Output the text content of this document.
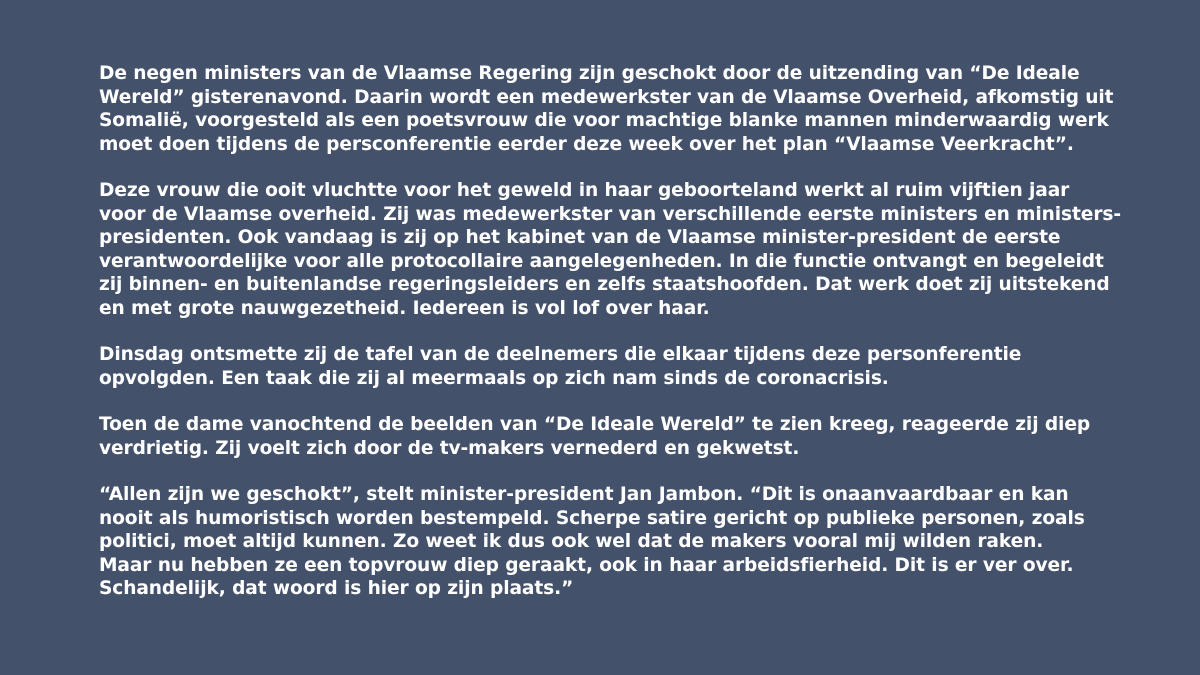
De negen ministers van de Vlaamse Regering zijn geschokt door de uitzending van “De Ideale
Wereld” gisterenavond. Daarin wordt een medewerkster van de Vlaamse Overheid, afkomstig uit
Somalië, voorgesteld als een poetsvrouw die voor machtige blanke mannen minderwaardig werk
moet doen tijdens de persconferentie eerder deze week over het plan “Vlaamse Veerkracht”.
Deze vrouw die ooit vluchtte voor het geweld in haar geboorteland werkt al ruim vijftien jaar
voor de Vlaamse overheid. Zij was medewerkster van verschillende eerste ministers en ministers-
presidenten. Ook vandaag is zij op het kabinet van de Vlaamse minister-president de eerste
verantwoordelijke voor alle protocollaire aangelegenheden. In die functie ontvangt en begeleidt
zij binnen- en buitenlandse regeringsleiders en zelfs staatshoofden. Dat werk doet zij uitstekend
en met grote nauwgezetheid. Iedereen is vol lof over haar.
Dinsdag ontsmette zij de tafel van de deelnemers die elkaar tijdens deze personferentie
opvolgden. Een taak die zij al meermaals op zich nam sinds de coronacrisis.
Toen de dame vanochtend de beelden van “De Ideale Wereld” te zien kreeg, reageerde zij diep
verdrietig. Zij voelt zich door de tv-makers vernederd en gekwetst.
“Allen zijn we geschokt”, stelt minister-president Jan Jambon. “Dit is onaanvaardbaar en kan
nooit als humoristisch worden bestempeld. Scherpe satire gericht op publieke personen, zoals
politici, moet altijd kunnen. Zo weet ik dus ook wel dat de makers vooral mij wilden raken.
Maar nu hebben ze een topvrouw diep geraakt, ook in haar arbeidsfierheid. Dit is er ver over.
Schandelijk, dat woord is hier op zijn plaats.”
